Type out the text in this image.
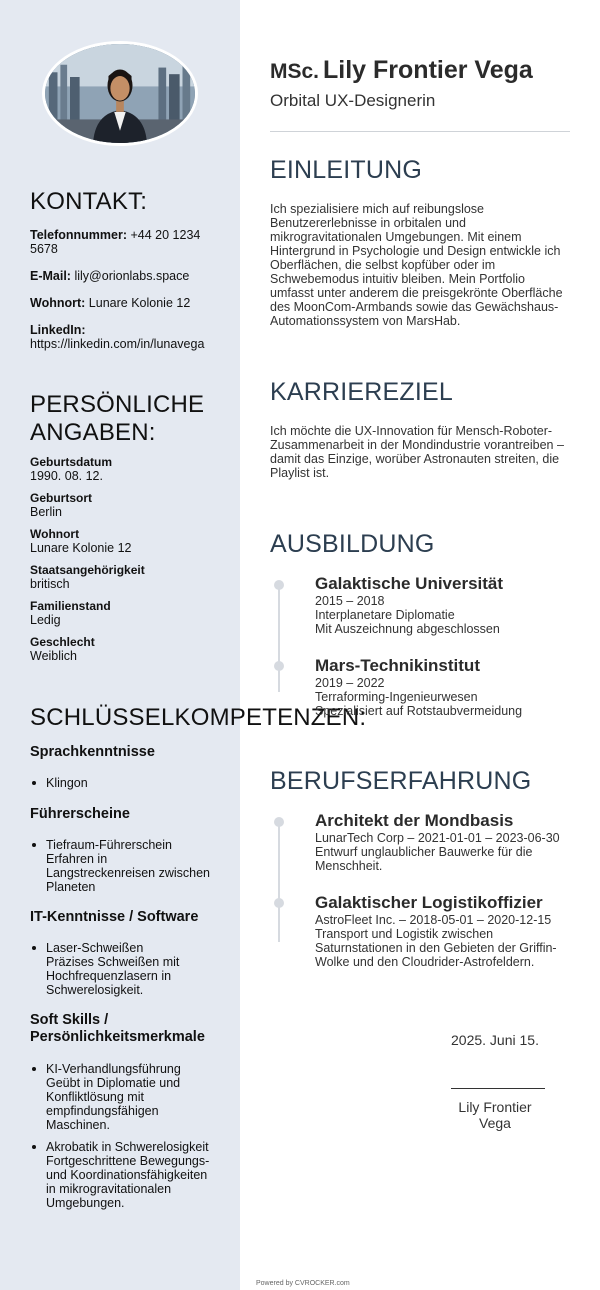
KONTAKT:
Telefonnummer: +44 20 1234 5678
E-Mail: lily@orionlabs.space
Wohnort: Lunare Kolonie 12
LinkedIn:
https://linkedin.com/in/lunavega
PERSÖNLICHE
ANGABEN:
Geburtsdatum
1990. 08. 12.
Geburtsort
Berlin
Wohnort
Lunare Kolonie 12
Staatsangehörigkeit
britisch
Familienstand
Ledig
Geschlecht
Weiblich
SCHLÜSSELKOMPETENZEN:
Sprachkenntnisse
Klingon
Führerscheine
Tiefraum-Führerschein
Erfahren in Langstreckenreisen zwischen Planeten
IT-Kenntnisse / Software
Laser-Schweißen
Präzises Schweißen mit Hochfrequenzlasern in Schwerelosigkeit.
Soft Skills /
Persönlichkeitsmerkmale
KI-Verhandlungsführung
Geübt in Diplomatie und Konfliktlösung mit empfindungsfähigen Maschinen.
Akrobatik in Schwerelosigkeit
Fortgeschrittene Bewegungs- und Koordinationsfähigkeiten in mikrogravitationalen Umgebungen.
MSc. Lily Frontier Vega
Orbital UX-Designerin
EINLEITUNG
Ich spezialisiere mich auf reibungslose Benutzererlebnisse in orbitalen und mikrogravitationalen Umgebungen. Mit einem Hintergrund in Psychologie und Design entwickle ich Oberflächen, die selbst kopfüber oder im Schwebemodus intuitiv bleiben. Mein Portfolio umfasst unter anderem die preisgekrönte Oberfläche des MoonCom-Armbands sowie das Gewächshaus-Automationssystem von MarsHab.
KARRIEREZIEL
Ich möchte die UX-Innovation für Mensch-Roboter-Zusammenarbeit in der Mondindustrie vorantreiben – damit das Einzige, worüber Astronauten streiten, die Playlist ist.
AUSBILDUNG
Galaktische Universität
2015 – 2018
Interplanetare Diplomatie
Mit Auszeichnung abgeschlossen
Mars-Technikinstitut
2019 – 2022
Terraforming-Ingenieurwesen
Spezialisiert auf Rotstaubvermeidung
BERUFSERFAHRUNG
Architekt der Mondbasis
LunarTech Corp – 2021-01-01 – 2023-06-30
Entwurf unglaublicher Bauwerke für die Menschheit.
Galaktischer Logistikoffizier
AstroFleet Inc. – 2018-05-01 – 2020-12-15
Transport und Logistik zwischen Saturnstationen in den Gebieten der Griffin-Wolke und den Cloudrider-Astrofeldern.
2025. Juni 15.
Lily Frontier Vega
Powered by CVROCKER.com
